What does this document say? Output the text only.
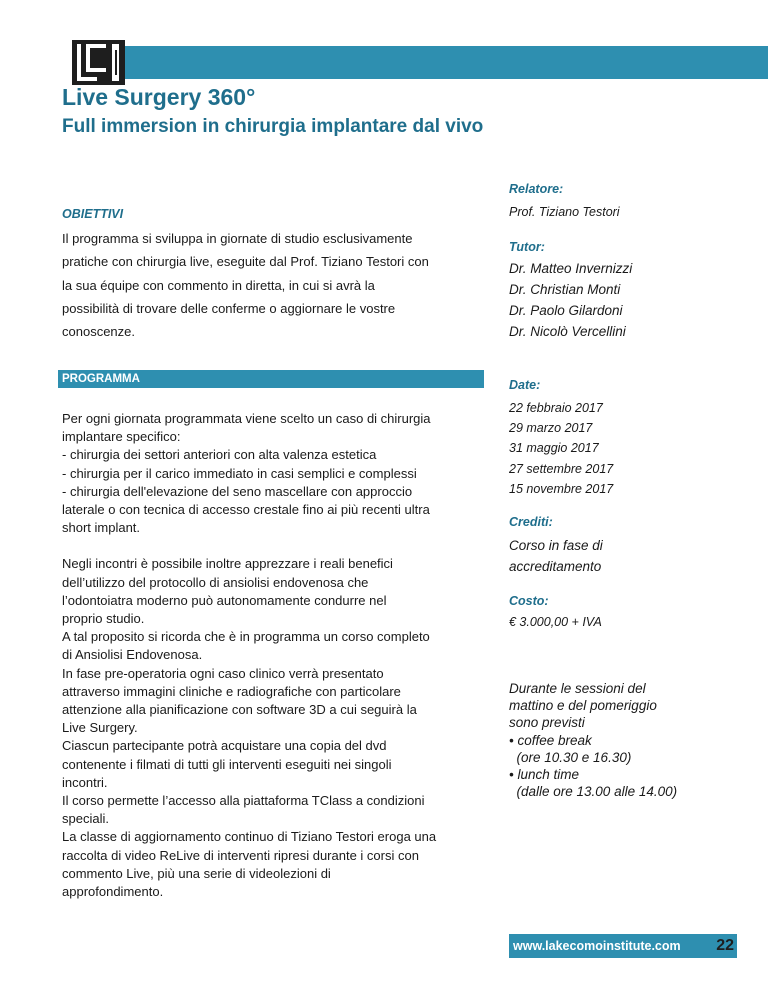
Live Surgery 360°
Full immersion in chirurgia implantare dal vivo
OBIETTIVI
Il programma si sviluppa in giornate di studio esclusivamente
pratiche con chirurgia live, eseguite dal Prof. Tiziano Testori con
la sua équipe con commento in diretta, in cui si avrà la
possibilità di trovare delle conferme o aggiornare le vostre
conoscenze.
PROGRAMMA

Per ogni giornata programmata viene scelto un caso di chirurgia
implantare specifico:
- chirurgia dei settori anteriori con alta valenza estetica
- chirurgia per il carico immediato in casi semplici e complessi
- chirurgia dell'elevazione del seno mascellare con approccio
laterale o con tecnica di accesso crestale fino ai più recenti ultra
short implant.

Negli incontri è possibile inoltre apprezzare i reali benefici
dell’utilizzo del protocollo di ansiolisi endovenosa che
l’odontoiatra moderno può autonomamente condurre nel
proprio studio.
A tal proposito si ricorda che è in programma un corso completo
di Ansiolisi Endovenosa.
In fase pre-operatoria ogni caso clinico verrà presentato
attraverso immagini cliniche e radiografiche con particolare
attenzione alla pianificazione con software 3D a cui seguirà la
Live Surgery.
Ciascun partecipante potrà acquistare una copia del dvd
contenente i filmati di tutti gli interventi eseguiti nei singoli
incontri.
Il corso permette l’accesso alla piattaforma TClass a condizioni
speciali.
La classe di aggiornamento continuo di Tiziano Testori eroga una
raccolta di video ReLive di interventi ripresi durante i corsi con
commento Live, più una serie di videolezioni di
approfondimento.

Relatore:
Prof. Tiziano Testori
Tutor:
Dr. Matteo Invernizzi
Dr. Christian Monti
Dr. Paolo Gilardoni
Dr. Nicolò Vercellini
Date:
22 febbraio 2017
29 marzo 2017
31 maggio 2017
27 settembre 2017
15 novembre 2017
Crediti:
Corso in fase di
accreditamento
Costo:
€ 3.000,00 + IVA
Durante le sessioni del
mattino e del pomeriggio
sono previsti
• coffee break
(ore 10.30 e 16.30)
• lunch time
(dalle ore 13.00 alle 14.00)
www.lakecomoinstitute.com 22
